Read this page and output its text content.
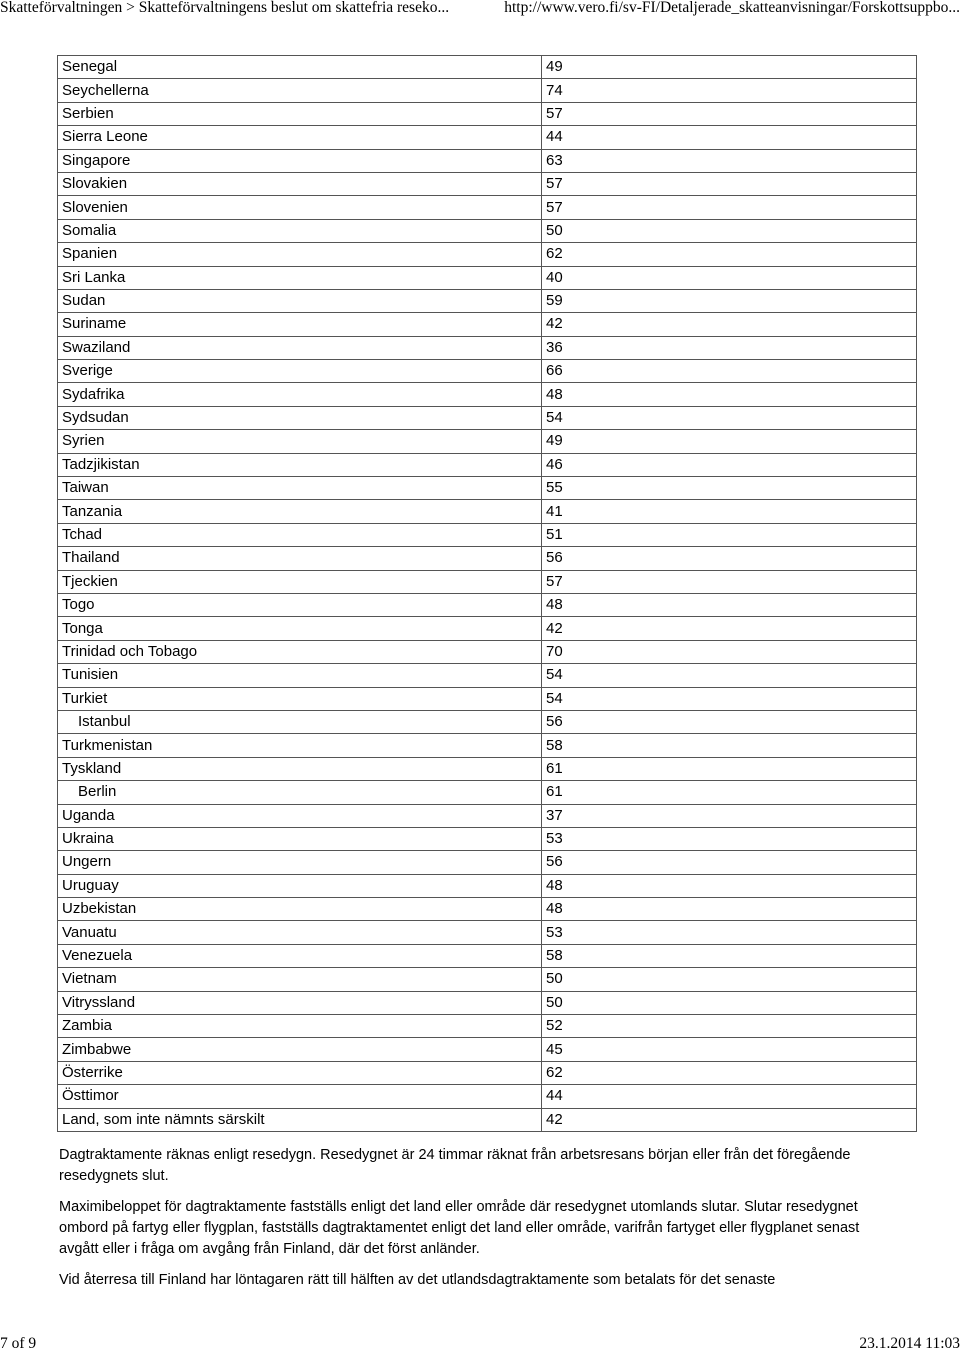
Skatteförvaltningen > Skatteförvaltningens beslut om skattefria reseko...	http://www.vero.fi/sv-FI/Detaljerade_skatteanvisningar/Forskottsuppbo...
Senegal	49
Seychellerna	74
Serbien	57
Sierra Leone	44
Singapore	63
Slovakien	57
Slovenien	57
Somalia	50
Spanien	62
Sri Lanka	40
Sudan	59
Suriname	42
Swaziland	36
Sverige	66
Sydafrika	48
Sydsudan	54
Syrien	49
Tadzjikistan	46
Taiwan	55
Tanzania	41
Tchad	51
Thailand	56
Tjeckien	57
Togo	48
Tonga	42
Trinidad och Tobago	70
Tunisien	54
Turkiet	54
Istanbul	56
Turkmenistan	58
Tyskland	61
Berlin	61
Uganda	37
Ukraina	53
Ungern	56
Uruguay	48
Uzbekistan	48
Vanuatu	53
Venezuela	58
Vietnam	50
Vitryssland	50
Zambia	52
Zimbabwe	45
Österrike	62
Östtimor	44
Land, som inte nämnts särskilt	42

Dagtraktamente räknas enligt resedygn. Resedygnet är 24 timmar räknat från arbetsresans början eller från det föregående resedygnets slut.

Maximibeloppet för dagtraktamente fastställs enligt det land eller område där resedygnet utomlands slutar. Slutar resedygnet ombord på fartyg eller flygplan, fastställs dagtraktamentet enligt det land eller område, varifrån fartyget eller flygplanet senast avgått eller i fråga om avgång från Finland, där det först anländer.

Vid återresa till Finland har löntagaren rätt till hälften av det utlandsdagtraktamente som betalats för det senaste

7 of 9	23.1.2014 11:03
